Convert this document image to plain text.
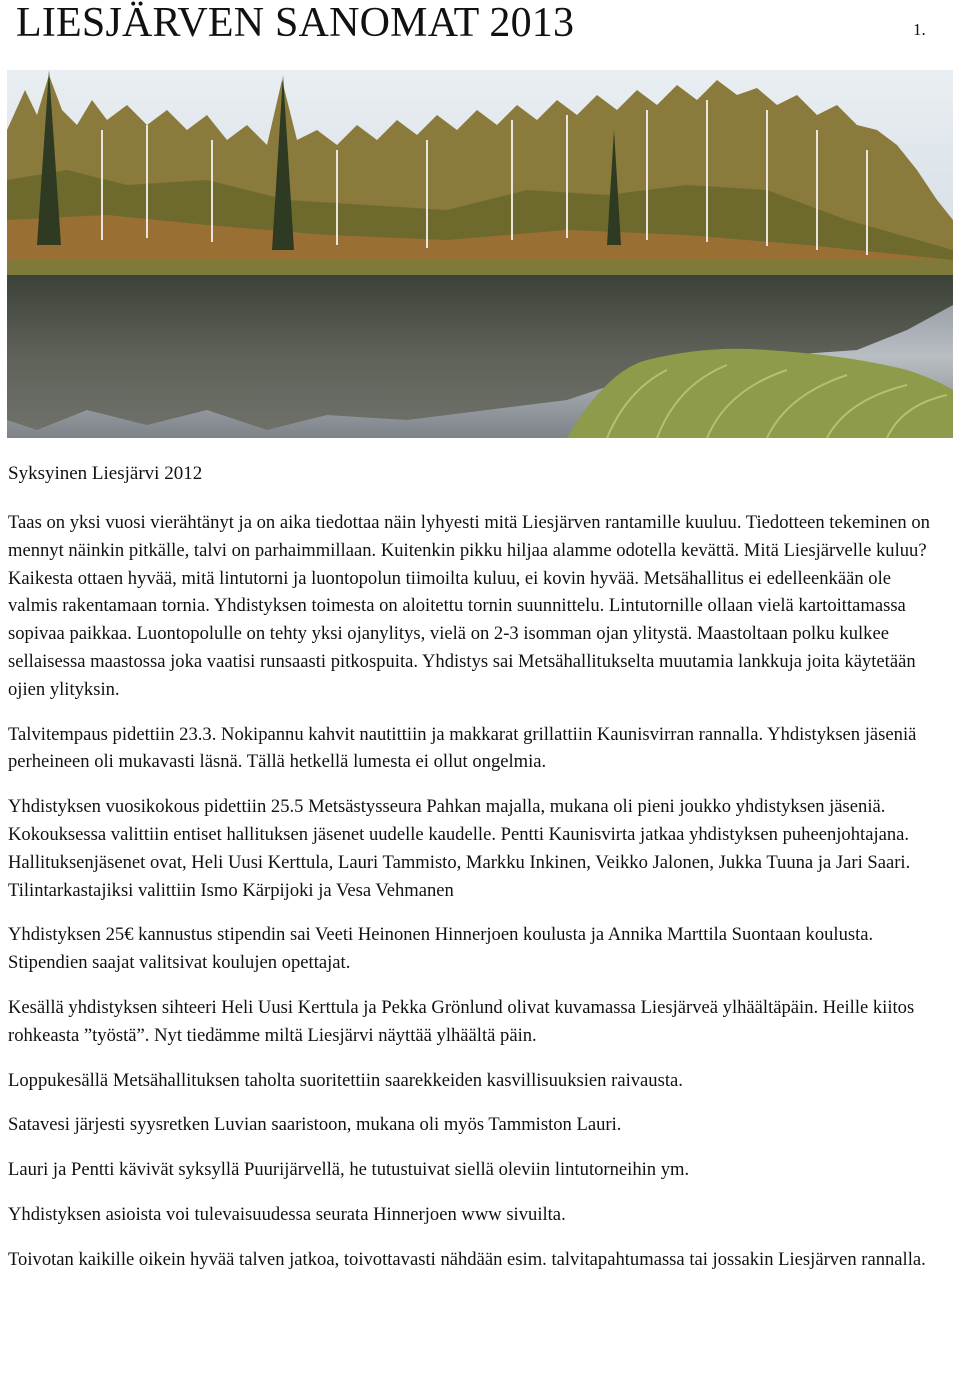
LIESJÄRVEN SANOMAT 2013	1.
Syksyinen Liesjärvi 2012

Taas on yksi vuosi vierähtänyt ja on aika tiedottaa näin lyhyesti mitä Liesjärven rantamille kuuluu. Tiedotteen tekeminen on mennyt näinkin pitkälle, talvi on parhaimmillaan. Kuitenkin pikku hiljaa alamme odotella kevättä. Mitä Liesjärvelle kuluu? Kaikesta ottaen hyvää, mitä lintutorni ja luontopolun tiimoilta kuluu, ei kovin hyvää. Metsähallitus ei edelleenkään ole valmis rakentamaan tornia. Yhdistyksen toimesta on aloitettu tornin suunnittelu. Lintutornille ollaan vielä kartoittamassa sopivaa paikkaa. Luontopolulle on tehty yksi ojanylitys, vielä on 2-3 isomman ojan ylitystä. Maastoltaan polku kulkee sellaisessa maastossa joka vaatisi runsaasti pitkospuita. Yhdistys sai Metsähallitukselta muutamia lankkuja joita käytetään ojien ylityksin.

Talvitempaus pidettiin 23.3. Nokipannu kahvit nautittiin ja makkarat grillattiin Kaunisvirran rannalla. Yhdistyksen jäseniä perheineen oli mukavasti läsnä. Tällä hetkellä lumesta ei ollut ongelmia.

Yhdistyksen vuosikokous pidettiin 25.5 Metsästysseura Pahkan majalla, mukana oli pieni joukko yhdistyksen jäseniä. Kokouksessa valittiin entiset hallituksen jäsenet uudelle kaudelle. Pentti Kaunisvirta jatkaa yhdistyksen puheenjohtajana. Hallituksenjäsenet ovat, Heli Uusi Kerttula, Lauri Tammisto, Markku Inkinen, Veikko Jalonen, Jukka Tuuna ja Jari Saari. Tilintarkastajiksi valittiin Ismo Kärpijoki ja Vesa Vehmanen

Yhdistyksen 25€ kannustus stipendin sai Veeti Heinonen Hinnerjoen koulusta ja Annika Marttila Suontaan koulusta. Stipendien saajat valitsivat koulujen opettajat.

Kesällä yhdistyksen sihteeri Heli Uusi Kerttula ja Pekka Grönlund olivat kuvamassa Liesjärveä ylhäältäpäin. Heille kiitos rohkeasta ”työstä”. Nyt tiedämme miltä Liesjärvi näyttää ylhäältä päin.

Loppukesällä Metsähallituksen taholta suoritettiin saarekkeiden kasvillisuuksien raivausta.

Satavesi järjesti syysretken Luvian saaristoon, mukana oli myös Tammiston Lauri.

Lauri ja Pentti kävivät syksyllä Puurijärvellä, he tutustuivat siellä oleviin lintutorneihin ym.

Yhdistyksen asioista voi tulevaisuudessa seurata Hinnerjoen www sivuilta.

Toivotan kaikille oikein hyvää talven jatkoa, toivottavasti nähdään esim. talvitapahtumassa tai jossakin Liesjärven rannalla.
